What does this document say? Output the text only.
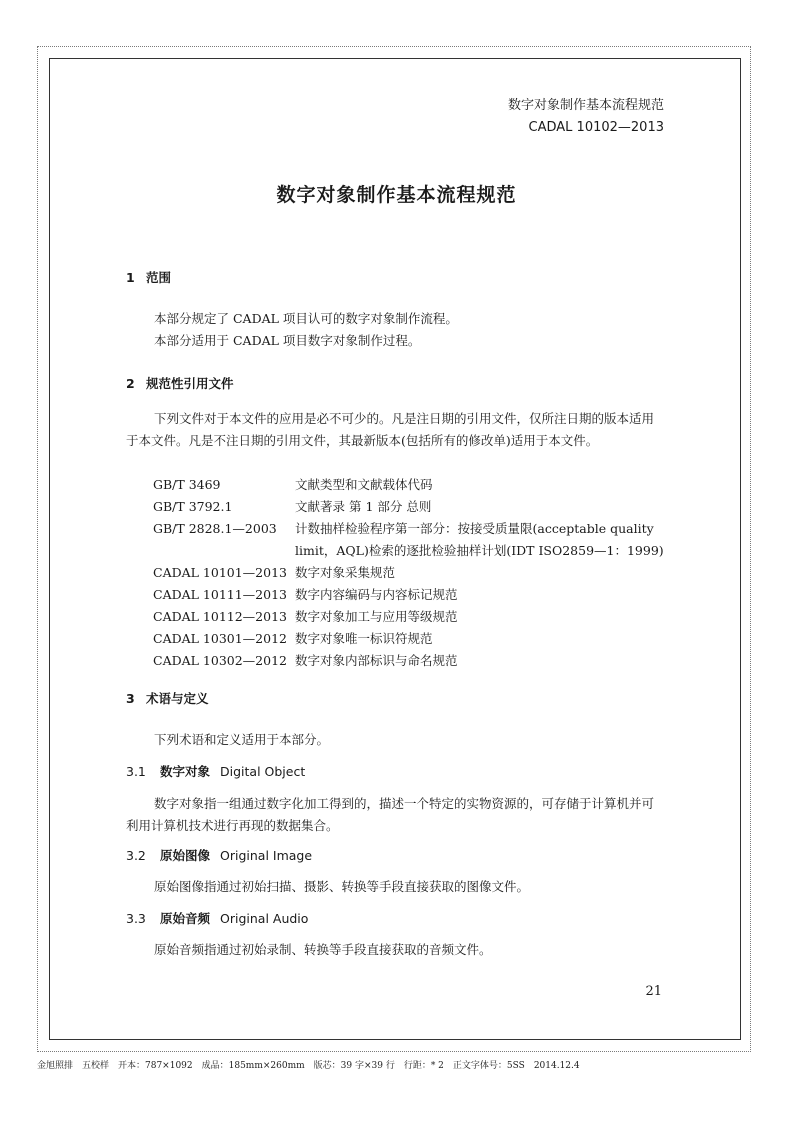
数字对象制作基本流程规范
CADAL 10102—2013
数字对象制作基本流程规范
1 范围

本部分规定了 CADAL 项目认可的数字对象制作流程。

本部分适用于 CADAL 项目数字对象制作过程。

2 规范性引用文件
下列文件对于本文件的应用是必不可少的。凡是注日期的引用文件，仅所注日期的版本适用于本文件。凡是不注日期的引用文件，其最新版本(包括所有的修改单)适用于本文件。
GB/T 3469	文献类型和文献载体代码
GB/T 3792.1	文献著录 第 1 部分 总则
GB/T 2828.1—2003	计数抽样检验程序第一部分：按接受质量限(acceptable quality limit，AQL)检索的逐批检验抽样计划(IDT ISO2859—1：1999)
CADAL 10101—2013 数字对象采集规范
CADAL 10111—2013 数字内容编码与内容标记规范
CADAL 10112—2013 数字对象加工与应用等级规范
CADAL 10301—2012 数字对象唯一标识符规范
CADAL 10302—2012 数字对象内部标识与命名规范
3 术语与定义
下列术语和定义适用于本部分。
3.1 数字对象 Digital Object
数字对象指一组通过数字化加工得到的，描述一个特定的实物资源的，可存储于计算机并可利用计算机技术进行再现的数据集合。
3.2 原始图像 Original Image
原始图像指通过初始扫描、摄影、转换等手段直接获取的图像文件。
3.3 原始音频 Original Audio
原始音频指通过初始录制、转换等手段直接获取的音频文件。
21
金旭照排　五校样　开本：787×1092　成品：185mm×260mm　版芯：39 字×39 行　行距：* 2　正文字体号：5SS　2014.12.4
